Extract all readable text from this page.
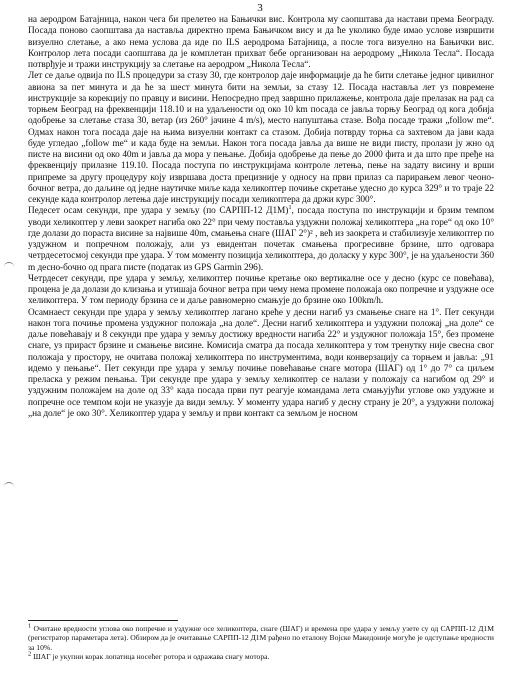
3

на аеродром Батајница, након чега би прелетео на Бањички вис. Контрола му саопштава да настави према Београду. Посада поново саопштава да наставља директно према Бањичком вису и да ће уколико буде имао услове извршити визуелно слетање, а ако нема услова да иде по ILS аеродрома Батајница, а после тога визуелно на Бањички вис. Контролор лета посади саопштава да је комплетан прихват бебе организован на аеродрому „Никола Тесла“. Посада потврђује и тражи инструкцију за слетање на аеродром „Никола Тесла“.

Лет се даље одвија по ILS процедури за стазу 30, где контролор даје информације да ће бити слетање једног цивилног авиона за пет минута и да ће за шест минута бити на земљи, за стазу 12. Посада наставља лет уз повремене инструкције за корекцију по правцу и висини. Непосредно пред завршно прилажење, контрола даје прелазак на рад са торњем Београд на фреквенцији 118.10 и на удаљености од око 10 km посада се јавља торњу Београд од кога добија одобрење за слетање стаза 30, ветар (из 260° јачине 4 m/s), место напуштања стазе. Вођа посаде тражи „follow me“. Одмах након тога посада даје на њима визуелни контакт са стазом. Добија потврду торња са захтевом да јави када буде угледао „follow me“ и када буде на земљи. Након тога посада јавља да више не види писту, пролази ју жно од писте на висини од око 40m и јавља да мора у пењање. Добија одобрење да пење до 2000 фита и да што пре пређе на фреквенцију прилазне 119.10. Посада поступа по инструкцијама контроле летења, пење на задату висину и врши припреме за другу процедуру коју извршава доста прецизније у односу на први прилаз са парирањем левог чеоно-бочног ветра, до даљине од једне наутичке миље када хеликоптер почиње скретање удесно до курса 329° и то траје 22 секунде када контролор летења даје инструкцију посади хеликоптера да држи курс 300°.

Педесет осам секунди, пре удара у земљу (по САРПП-12 Д1М)$^1$, посада поступа по инструкцији и брзим темпом уводи хеликоптер у леви заокрет нагиба око 22° при чему поставља уздужни положај хеликоптера „на горе“ од око 10° где долази до пораста висине за највише 40m, смањења снаге (ШАГ 2°)² , већ из заокрета и стабилизује хеликоптер по уздужном и попречном положају, али уз евидентан почетак смањења прогресивне брзине, што одговара четрдесетосмој секунди пре удара. У том моменту позиција хеликоптера, до доласку у курс 300°, је на удаљености 360 m десно-бочно од прага писте (податак из GPS Garmin 296).

Четрдесет секунди, пре удара у земљу, хеликоптер почиње кретање око вертикалне осе у десно (курс се повећава), процена је да долази до клизања и утишаја бочног ветра при чему нема промене положаја око попречне и уздужне осе хеликоптера. У том периоду брзина се и даље равномерно смањује до брзине око 100km/h.

Осамнаест секунди пре удара у земљу хеликоптер лагано креће у десни нагиб уз смањење снаге на 1°. Пет секунди након тога почиње промена уздужног положаја „на доле“. Десни нагиб хеликоптера и уздужни положај „на доле“ се даље повећавају и 8 секунди пре удара у земљу достижу вредности нагиба 22° и уздужног положаја 15°, без промене снаге, уз прираст брзине и смањење висине. Комисија сматра да посада хеликоптера у том тренутку није свесна свог положаја у простору, не очитава положај хеликоптера по инструментима, води конверзацију са торњем и јавља: „91 идемо у пењање“. Пет секунди пре удара у земљу почиње повећавање снаге мотора (ШАГ) од 1° до 7° са циљем преласка у режим пењања. Три секунде пре удара у земљу хеликоптер се налази у положају са нагибом од 29° и уздужним положајем на доле од 33° када посада први пут реагује командама лета смањујући углове око уздужне и попречне осе темпом који не указује да види земљу. У моменту удара нагиб у десну страну је 20°, а уздужни положај „на доле“ је око 30°. Хеликоптер удара у земљу и први контакт са земљом је носном

$^1$ Очитане вредности углова око попречне и уздужне осе хеликоптера, снаге (ШАГ) и времена пре удара у земљу узете су од САРПП-12 Д1М (регистратор параметара лета). Обзиром да је очитавање САРПП-12 Д1М рађено по еталону Војске Македоније могуће је одступање вредности за 10%.

$^2$ ШАГ је укупни корак лопатица носећег ротора и одражава снагу мотора.
